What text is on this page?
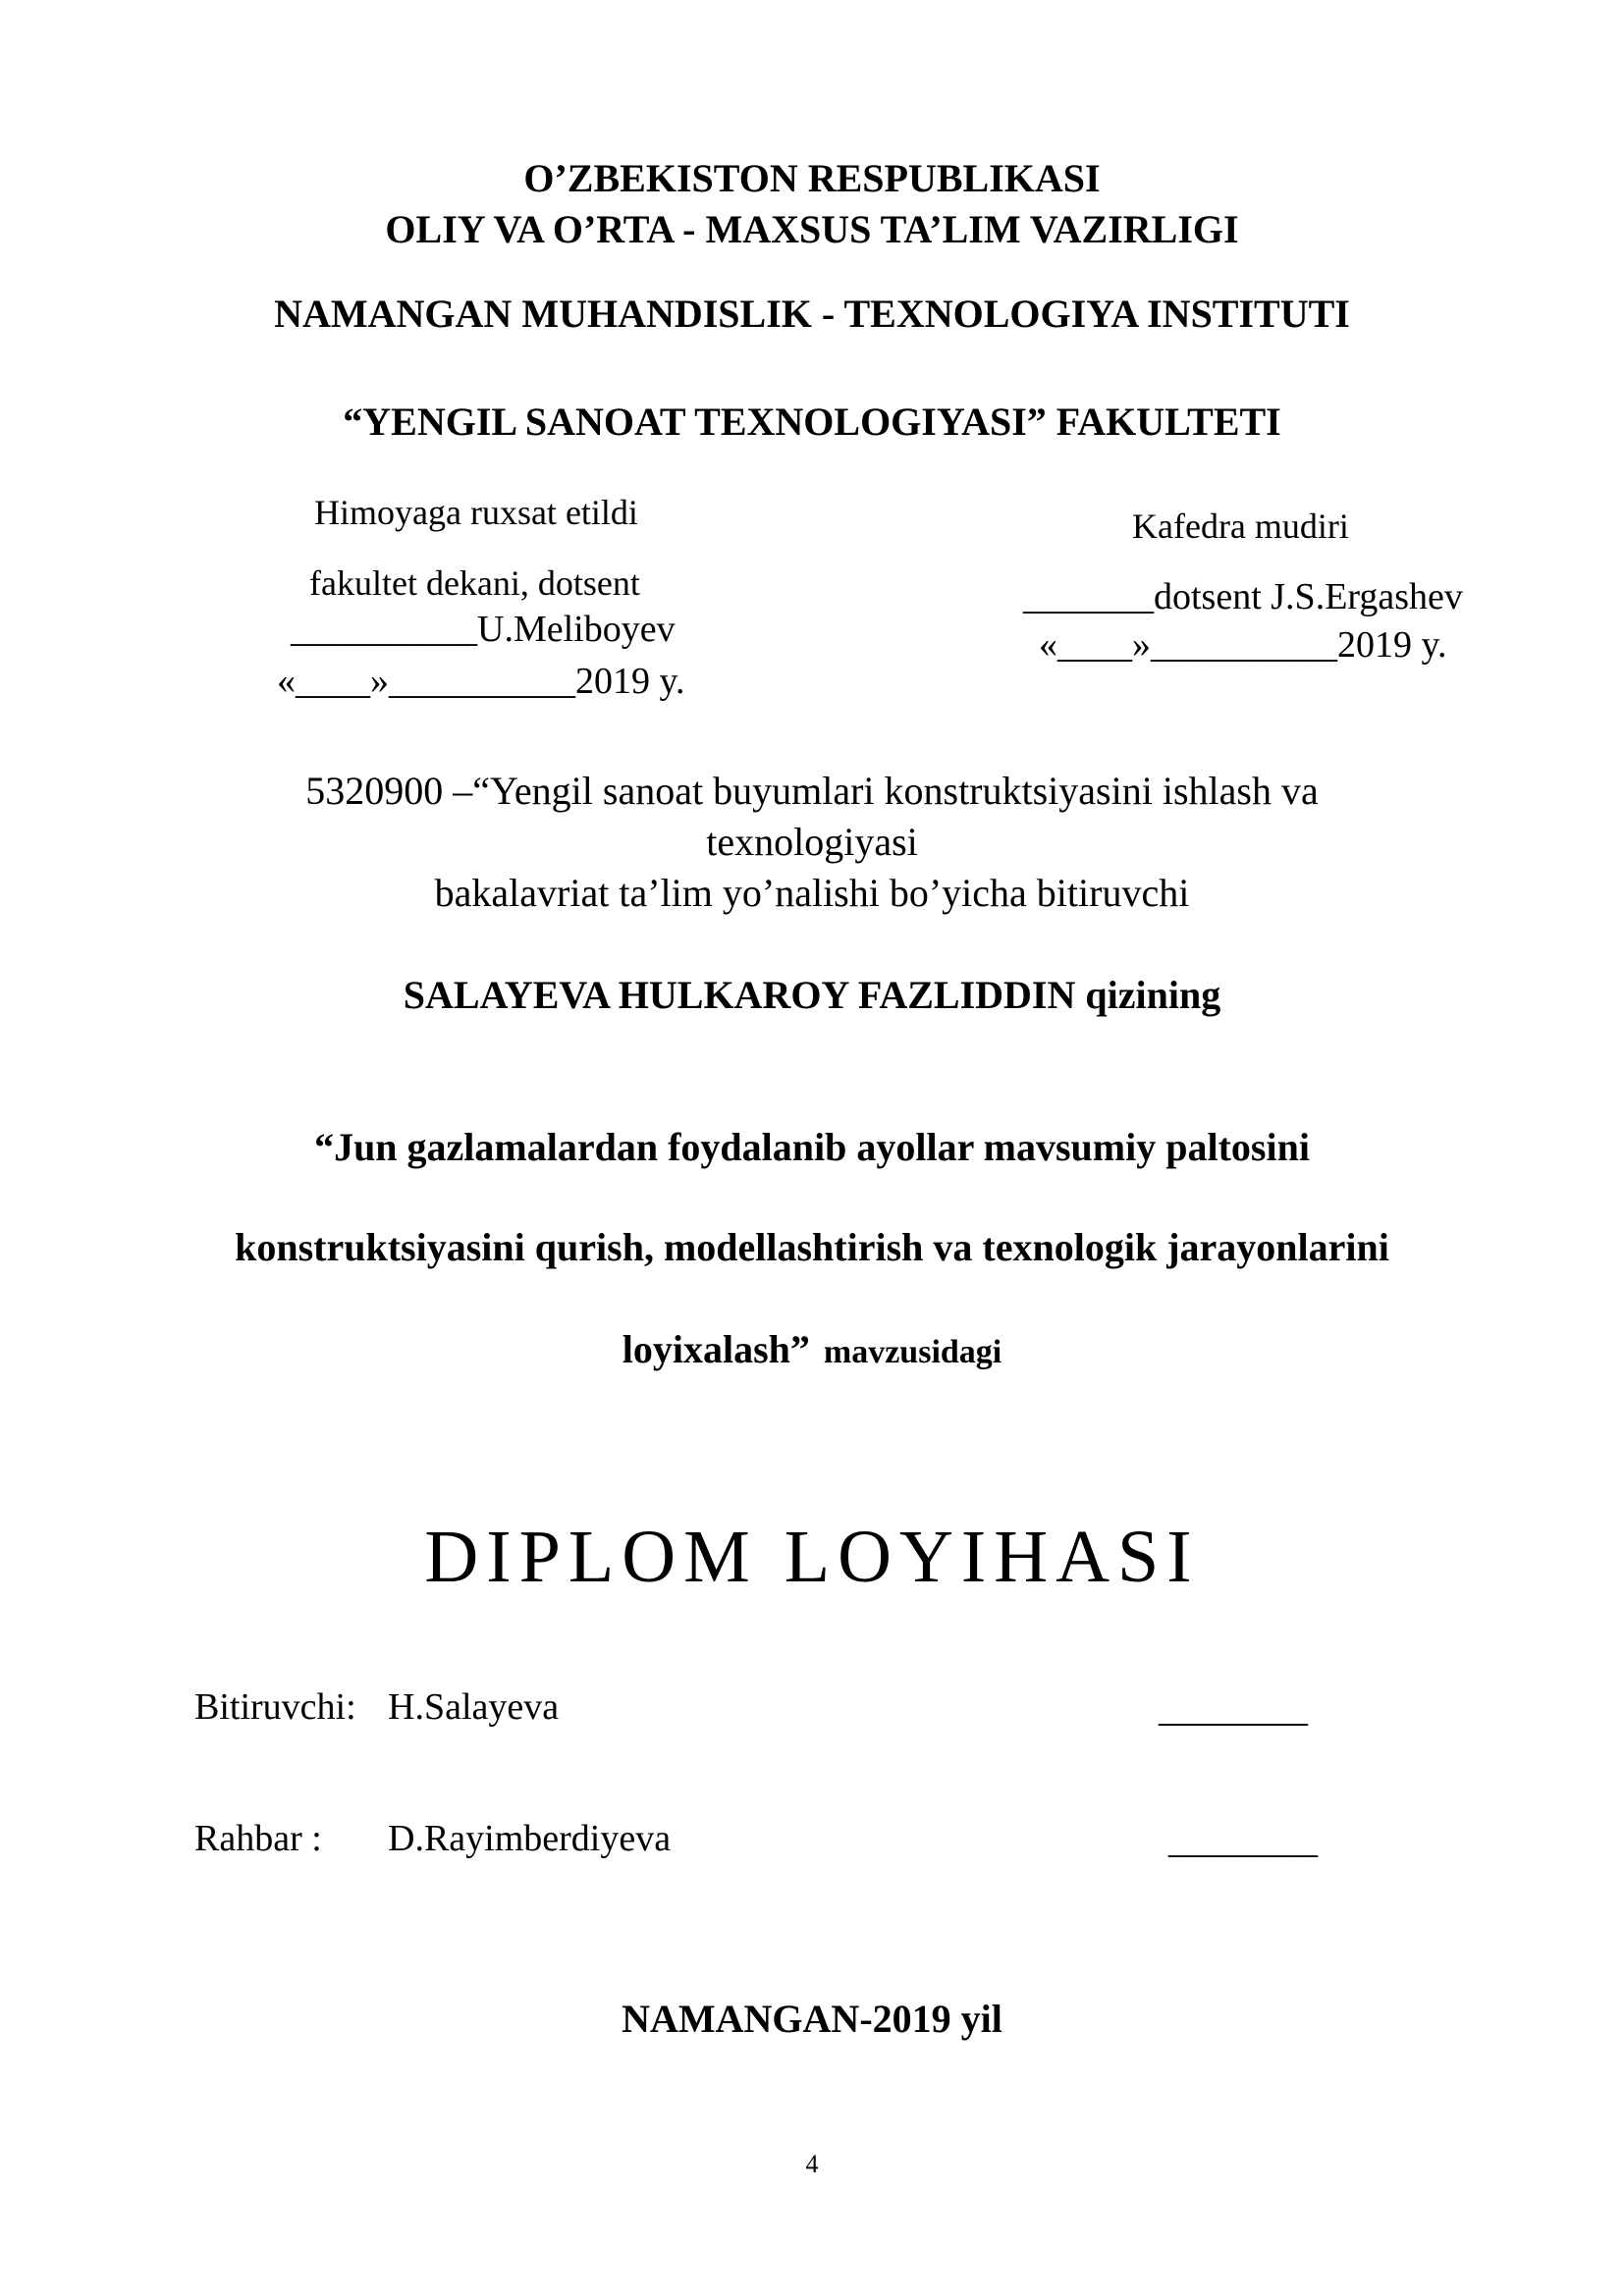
O’ZBEKISTON RESPUBLIKASI
OLIY VA O’RTA - MAXSUS TA’LIM VAZIRLIGI
NAMANGAN MUHANDISLIK - TEXNOLOGIYA INSTITUTI
“YENGIL SANOAT TEXNOLOGIYASI” FAKULTETI
Himoyaga ruxsat etildi
fakultet dekani, dotsent
__________U.Meliboyev
«____»__________2019 y.
Kafedra mudiri
_______dotsent J.S.Ergashev
«____»__________2019 y.
5320900 –“Yengil sanoat buyumlari konstruktsiyasini ishlash va
texnologiyasi
bakalavriat ta’lim yo’nalishi bo’yicha bitiruvchi
SALAYEVA HULKAROY FAZLIDDIN qizining
“Jun gazlamalardan foydalanib ayollar mavsumiy paltosini
konstruktsiyasini qurish, modellashtirish va texnologik jarayonlarini
loyixalash” mavzusidagi
DIPLOM LOYIHASI
Bitiruvchi: H.Salayeva	________
Rahbar : D.Rayimberdiyeva	________
NAMANGAN-2019 yil
4
